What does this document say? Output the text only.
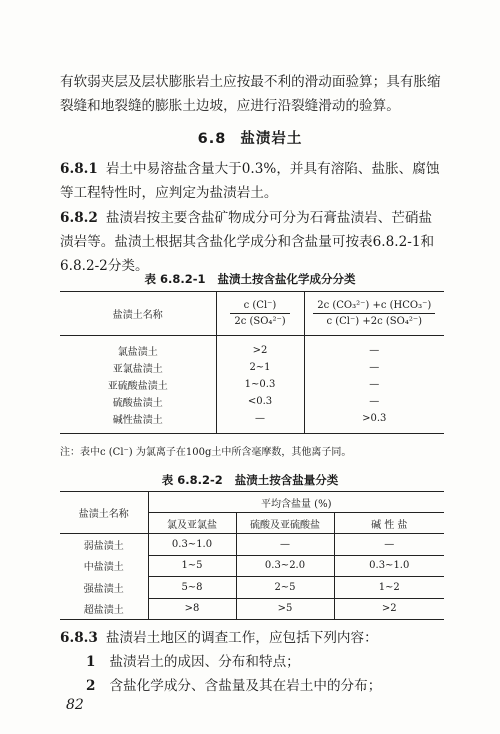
有软弱夹层及层状膨胀岩土应按最不利的滑动面验算；具有胀缩
裂缝和地裂缝的膨胀土边坡，应进行沿裂缝滑动的验算。

6.8 盐渍岩土

6.8.1 岩土中易溶盐含量大于0.3%，并具有溶陷、盐胀、腐蚀等工程特性时，应判定为盐渍岩土。

6.8.2 盐渍岩按主要含盐矿物成分可分为石膏盐渍岩、芒硝盐渍岩等。盐渍土根据其含盐化学成分和含盐量可按表6.8.2-1和6.8.2-2分类。

表 6.8.2-1 盐渍土按含盐化学成分分类
盐渍土名称	$\frac{c (Cl^-)}{\text{2c (SO₄²⁻)}}$	$\frac{\text{2c (CO₃²⁻) +c (HCO₃⁻)}}{\text{c (Cl⁻) +2c (SO₄²⁻)}}$

氯盐渍土	>2	—
亚氯盐渍土	2~1	—
亚硫酸盐渍土	1~0.3	—
硫酸盐渍土	<0.3	—
碱性盐渍土	—	>0.3
注：表中c (Cl⁻) 为氯离子在100g土中所含毫摩数，其他离子同。
表 6.8.2-2 盐渍土按含盐量分类
盐渍土名称	平均含盐量 (%)		
	氯及亚氯盐	硫酸及亚硫酸盐	碱 性 盐
弱盐渍土	0.3~1.0	—	—
中盐渍土	1~5	0.3~2.0	0.3~1.0
强盐渍土	5~8	2~5	1~2
超盐渍土	>8	>5	>2

6.8.3 盐渍岩土地区的调查工作，应包括下列内容：

1 盐渍岩土的成因、分布和特点；
2 含盐化学成分、含盐量及其在岩土中的分布；
82
